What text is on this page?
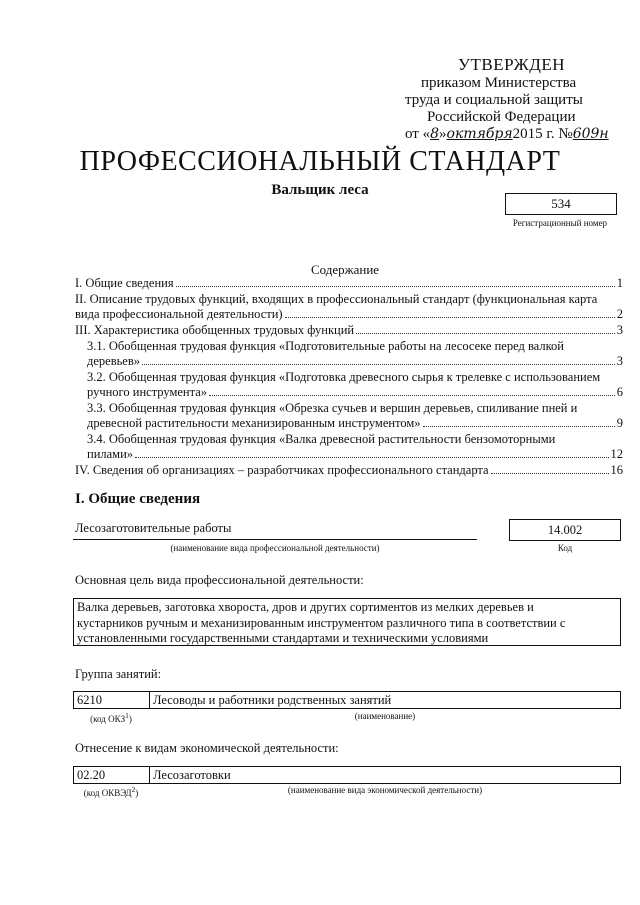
УТВЕРЖДЕН
приказом Министерства
труда и социальной защиты
Российской Федерации
от «8»октября2015 г. №609н
ПРОФЕССИОНАЛЬНЫЙ СТАНДАРТ
Вальщик леса
534
Регистрационный номер
Содержание
I. Общие сведения	1
II. Описание трудовых функций, входящих в профессиональный стандарт (функциональная карта
вида профессиональной деятельности)	2
III. Характеристика обобщенных трудовых функций	3
3.1. Обобщенная трудовая функция «Подготовительные работы на лесосеке перед валкой
деревьев»	3
3.2. Обобщенная трудовая функция «Подготовка древесного сырья к трелевке с использованием
ручного инструмента»	6
3.3. Обобщенная трудовая функция «Обрезка сучьев и вершин деревьев, спиливание пней и
древесной растительности механизированным инструментом»	9
3.4. Обобщенная трудовая функция «Валка древесной растительности бензомоторными
пилами»	12
IV. Сведения об организациях – разработчиках профессионального стандарта	16
I. Общие сведения
Лесозаготовительные работы
(наименование вида профессиональной деятельности)
14.002
Код
Основная цель вида профессиональной деятельности:
Валка деревьев, заготовка хвороста, дров и других сортиментов из мелких деревьев и
кустарников ручным и механизированным инструментом различного типа в соответствии с
установленными государственными стандартами и техническими условиями
Группа занятий:
6210	Лесоводы и работники родственных занятий
(код ОКЗ$^1$)	(наименование)
Отнесение к видам экономической деятельности:
02.20	Лесозаготовки
(код ОКВЭД$^2$)	(наименование вида экономической деятельности)
